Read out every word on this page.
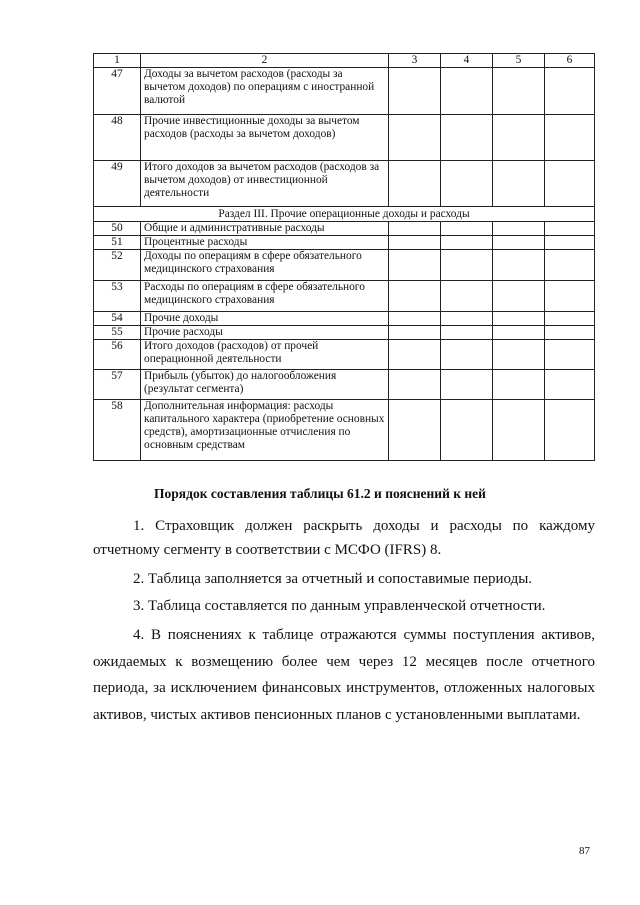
1	2	3	4	5	6
47	Доходы за вычетом расходов (расходы за вычетом доходов) по операциям с иностранной валютой				
48	Прочие инвестиционные доходы за вычетом расходов (расходы за вычетом доходов)				
49	Итого доходов за вычетом расходов (расходов за вычетом доходов) от инвестиционной деятельности				
Раздел III. Прочие операционные доходы и расходы					
50	Общие и административные расходы				
51	Процентные расходы				
52	Доходы по операциям в сфере обязательного медицинского страхования				
53	Расходы по операциям в сфере обязательного медицинского страхования				
54	Прочие доходы				
55	Прочие расходы				
56	Итого доходов (расходов) от прочей операционной деятельности				
57	Прибыль (убыток) до налогообложения (результат сегмента)				
58	Дополнительная информация: расходы капитального характера (приобретение основных средств), амортизационные отчисления по основным средствам				
Порядок составления таблицы 61.2 и пояснений к ней

1. Страховщик должен раскрыть доходы и расходы по каждому отчетному сегменту в соответствии с МСФО (IFRS) 8.

2. Таблица заполняется за отчетный и сопоставимые периоды.

3. Таблица составляется по данным управленческой отчетности.

4. В пояснениях к таблице отражаются суммы поступления активов, ожидаемых к возмещению более чем через 12 месяцев после отчетного периода, за исключением финансовых инструментов, отложенных налоговых активов, чистых активов пенсионных планов с установленными выплатами.

87
